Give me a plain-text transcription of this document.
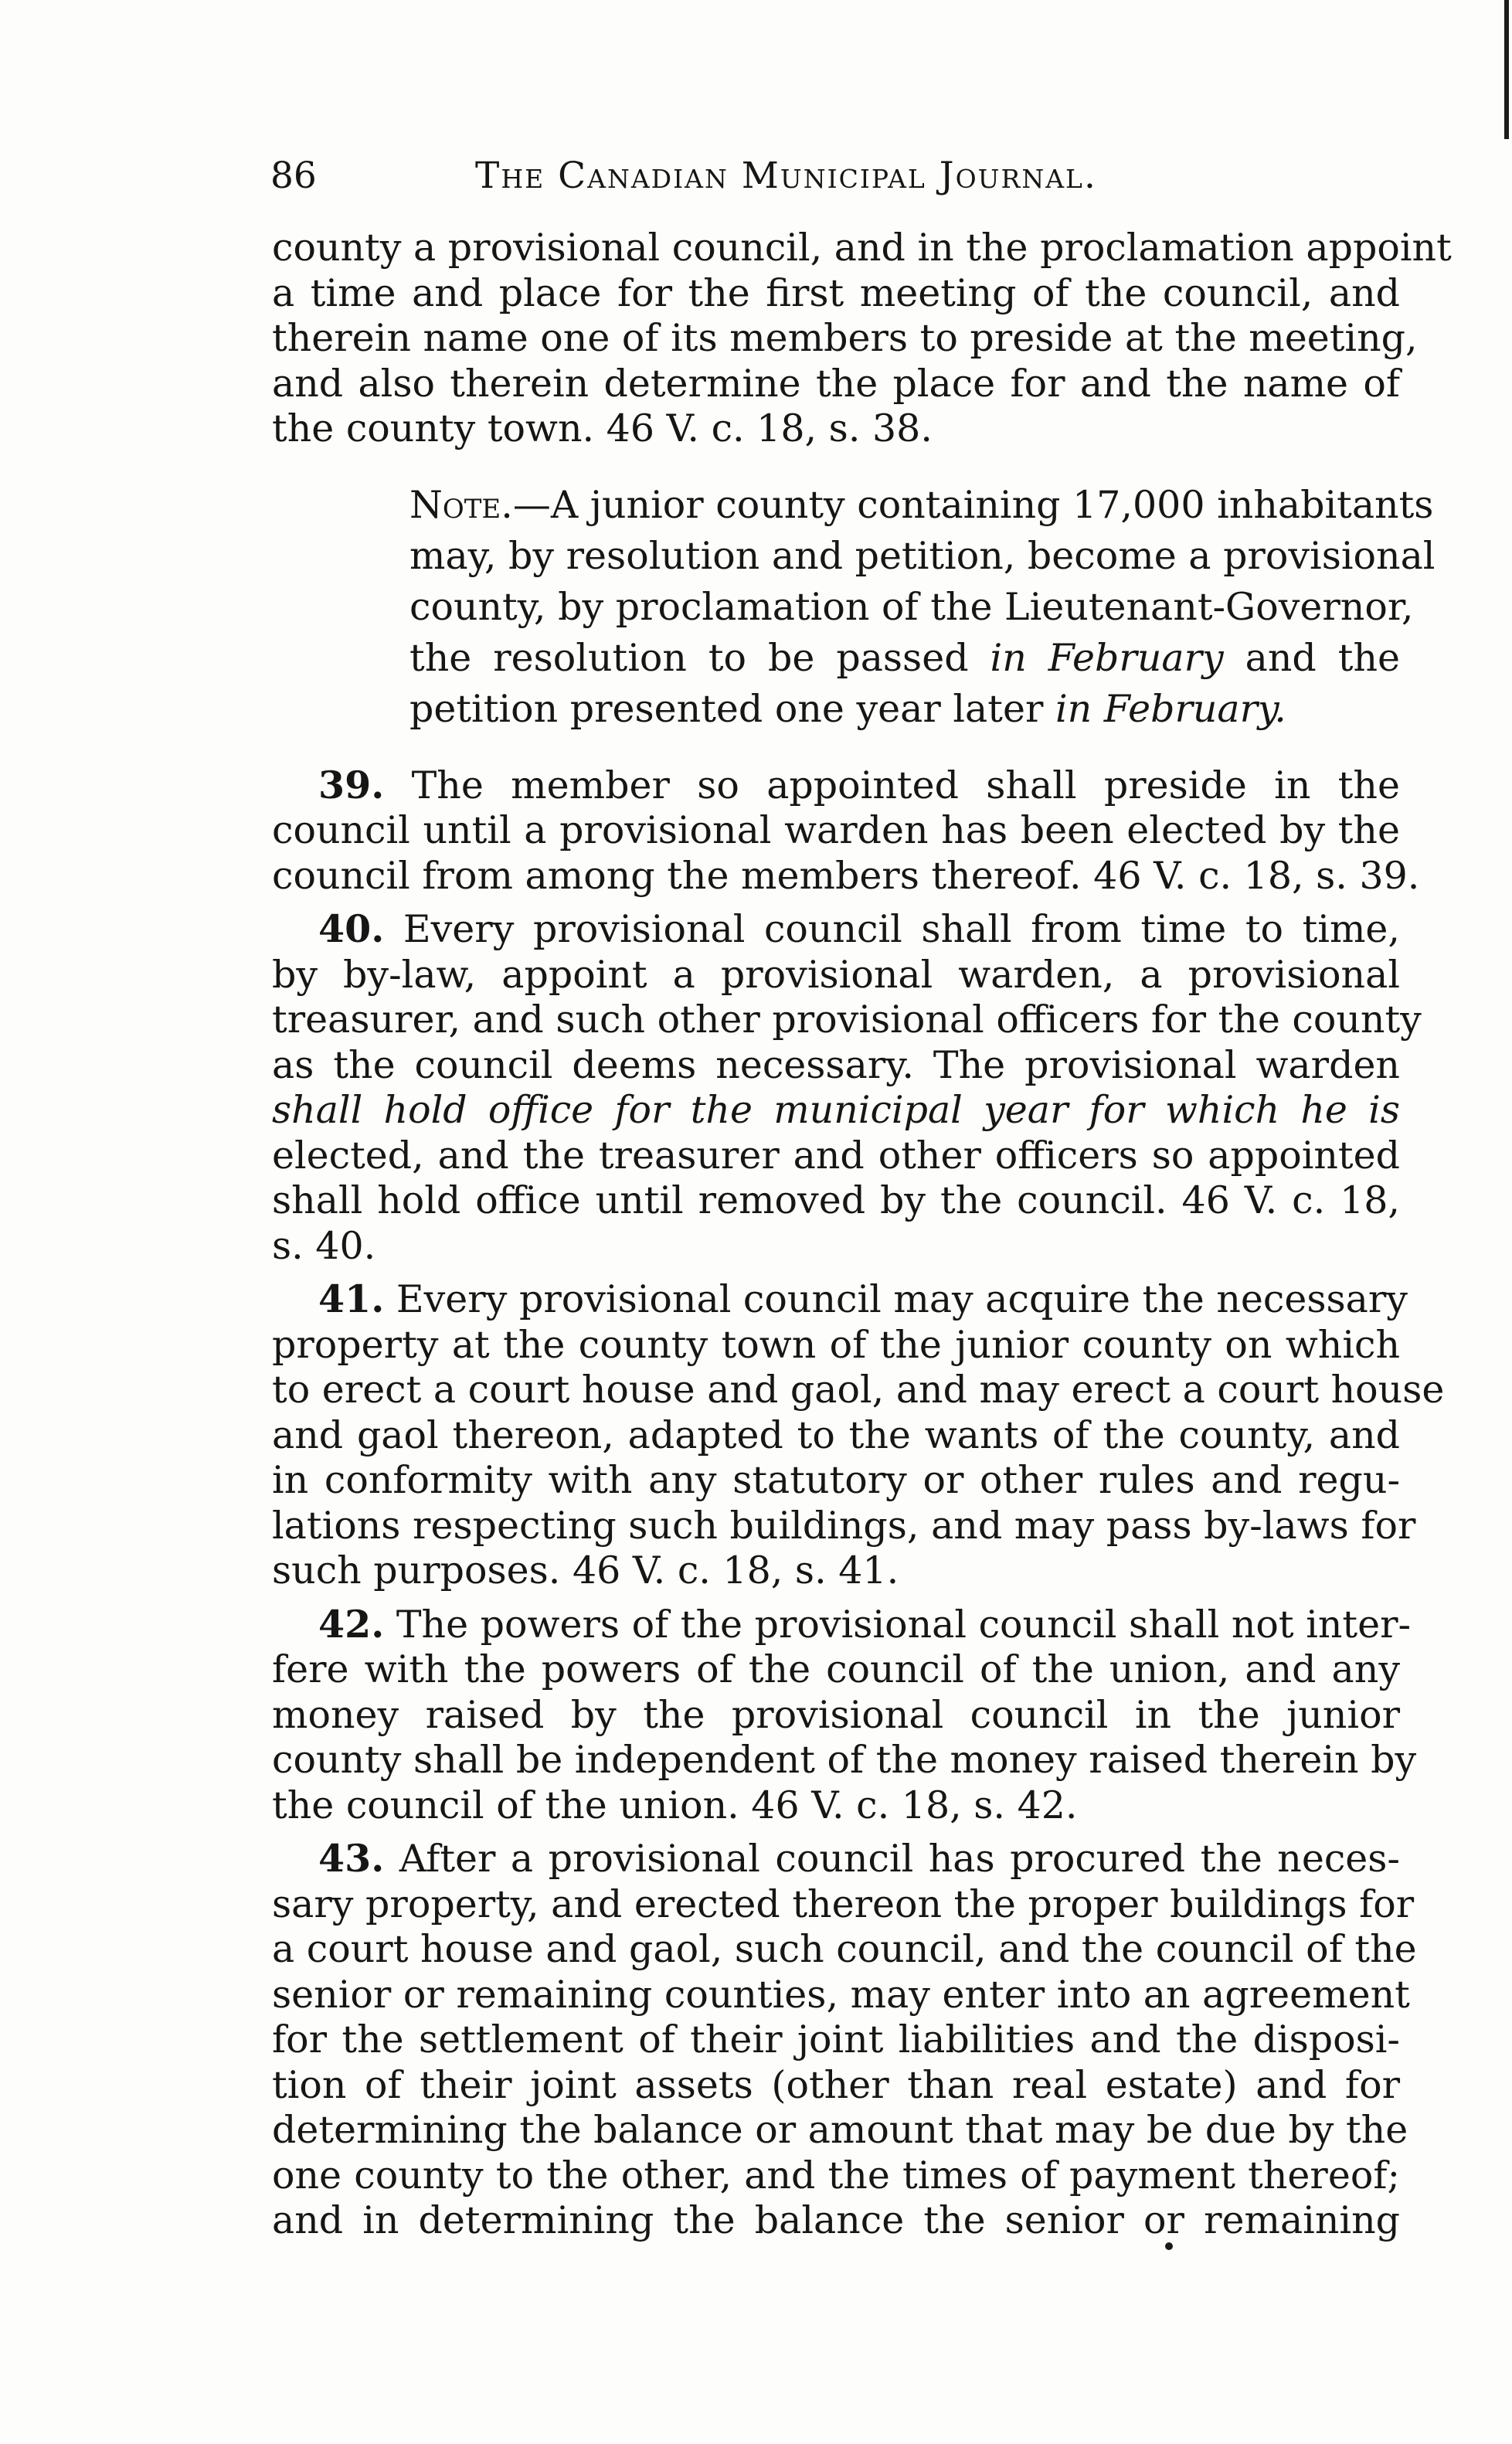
86	The Canadian Municipal Journal.
county a provisional council, and in the proclamation appoint
a time and place for the first meeting of the council, and
therein name one of its members to preside at the meeting,
and also therein determine the place for and the name of
the county town. 46 V. c. 18, s. 38.
Note.—A junior county containing 17,000 inhabitants
may, by resolution and petition, become a provisional
county, by proclamation of the Lieutenant-Governor,
the resolution to be passed in February and the
petition presented one year later in February.
39. The member so appointed shall preside in the
council until a provisional warden has been elected by the
council from among the members thereof. 46 V. c. 18, s. 39.
40. Every provisional council shall from time to time,
by by-law, appoint a provisional warden, a provisional
treasurer, and such other provisional officers for the county
as the council deems necessary. The provisional warden
shall hold office for the municipal year for which he is
elected, and the treasurer and other officers so appointed
shall hold office until removed by the council. 46 V. c. 18,
s. 40.
41. Every provisional council may acquire the necessary
property at the county town of the junior county on which
to erect a court house and gaol, and may erect a court house
and gaol thereon, adapted to the wants of the county, and
in conformity with any statutory or other rules and regu-
lations respecting such buildings, and may pass by-laws for
such purposes. 46 V. c. 18, s. 41.
42. The powers of the provisional council shall not inter-
fere with the powers of the council of the union, and any
money raised by the provisional council in the junior
county shall be independent of the money raised therein by
the council of the union. 46 V. c. 18, s. 42.
43. After a provisional council has procured the neces-
sary property, and erected thereon the proper buildings for
a court house and gaol, such council, and the council of the
senior or remaining counties, may enter into an agreement
for the settlement of their joint liabilities and the disposi-
tion of their joint assets (other than real estate) and for
determining the balance or amount that may be due by the
one county to the other, and the times of payment thereof;
and in determining the balance the senior or remaining
